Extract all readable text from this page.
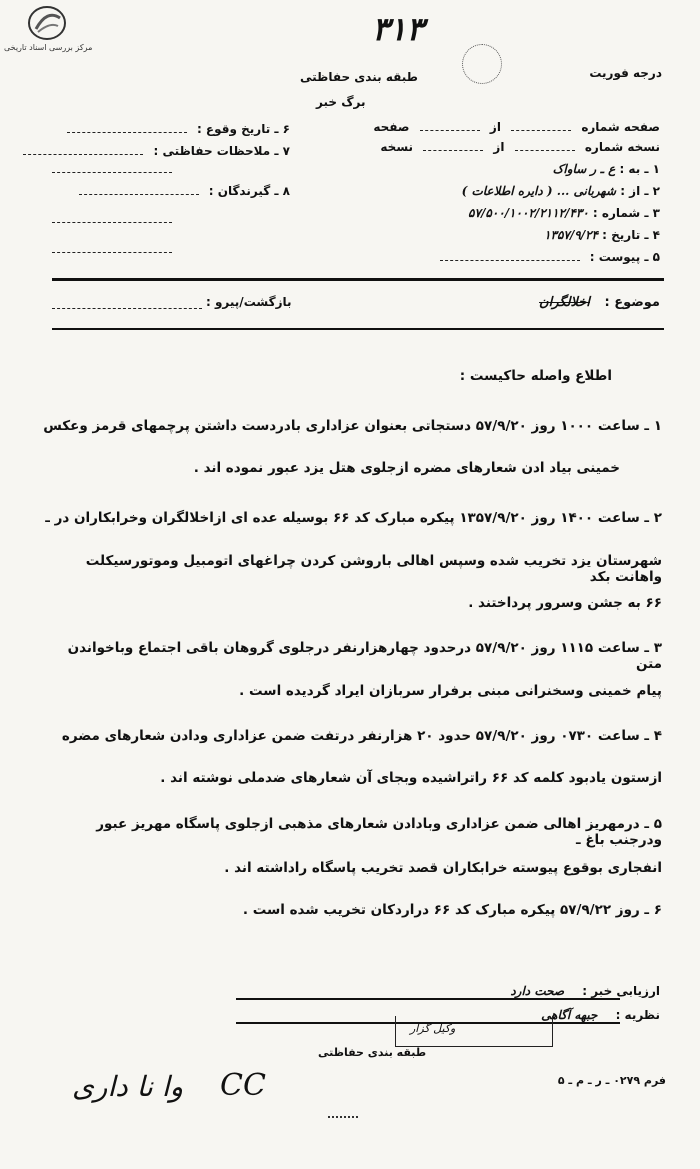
مرکز بررسی اسناد تاریخی	۳۱۳
درجه فوریت
طبقه بندی حفاظتی
برگ خبر
صفحه شماره  از  صفحه
نسخه شماره  از  نسخه
۱ ـ به : ع ـ ر ساواک
۲ ـ از : شهربانی ... ( دایره اطلاعات )
۳ ـ شماره : ۵۷/۵۰۰/۱۰۰۲/۲۱۱۲/۴۳۰
۴ ـ تاریخ : ۱۳۵۷/۹/۲۴
۵ ـ پیوست :
۶ ـ تاریخ وقوع :
۷ ـ ملاحظات حفاظتی :
۸ ـ گیرندگان :
موضوع : اخلالگران
بازگشت/پیرو :
اطلاع واصله حاکیست :
۱ ـ ساعت ۱۰۰۰ روز ۵۷/۹/۲۰ دستجاتی بعنوان عزاداری بادردست داشتن پرچمهای قرمز وعکس
خمینی بیاد ادن شعارهای مضره ازجلوی هتل یزد عبور نموده اند .
۲ ـ ساعت ۱۴۰۰ روز ۱۳۵۷/۹/۲۰ پیکره مبارک کد ۶۶ بوسیله عده ای ازاخلالگران وخرابکاران در ـ
شهرستان یزد تخریب شده وسپس اهالی باروشن کردن چراغهای اتومبیل وموتورسیکلت واهانت بکد
۶۶ به جشن وسرور پرداختند .
۳ ـ ساعت ۱۱۱۵ روز ۵۷/۹/۲۰ درحدود چهارهزارنفر درجلوی گروهان باقی اجتماع وباخواندن متن
پیام خمینی وسخنرانی مبنی برفرار سربازان ایراد گردیده است .
۴ ـ ساعت ۰۷۳۰ روز ۵۷/۹/۲۰ حدود ۲۰ هزارنفر درتفت ضمن عزاداری ودادن شعارهای مضره
ازستون یادبود کلمه کد ۶۶ راتراشیده وبجای آن شعارهای ضدملی نوشته اند .
۵ ـ درمهریز اهالی ضمن عزاداری وبادادن شعارهای مذهبی ازجلوی پاسگاه مهریز عبور ودرجنب باغ ـ
انفجاری بوقوع پیوسته خرابکاران قصد تخریب پاسگاه راداشته اند .
۶ ـ روز ۵۷/۹/۲۲ پیکره مبارک کد ۶۶ دراردکان تخریب شده است .
ارزیابی خبر : صحت دارد
نظریه : جبهه آگاهی
وکیل گزار
طبقه بندی حفاظتی
فرم ۰۲۷۹ ـ ر ـ م ـ ۵
وا نا داری CC
